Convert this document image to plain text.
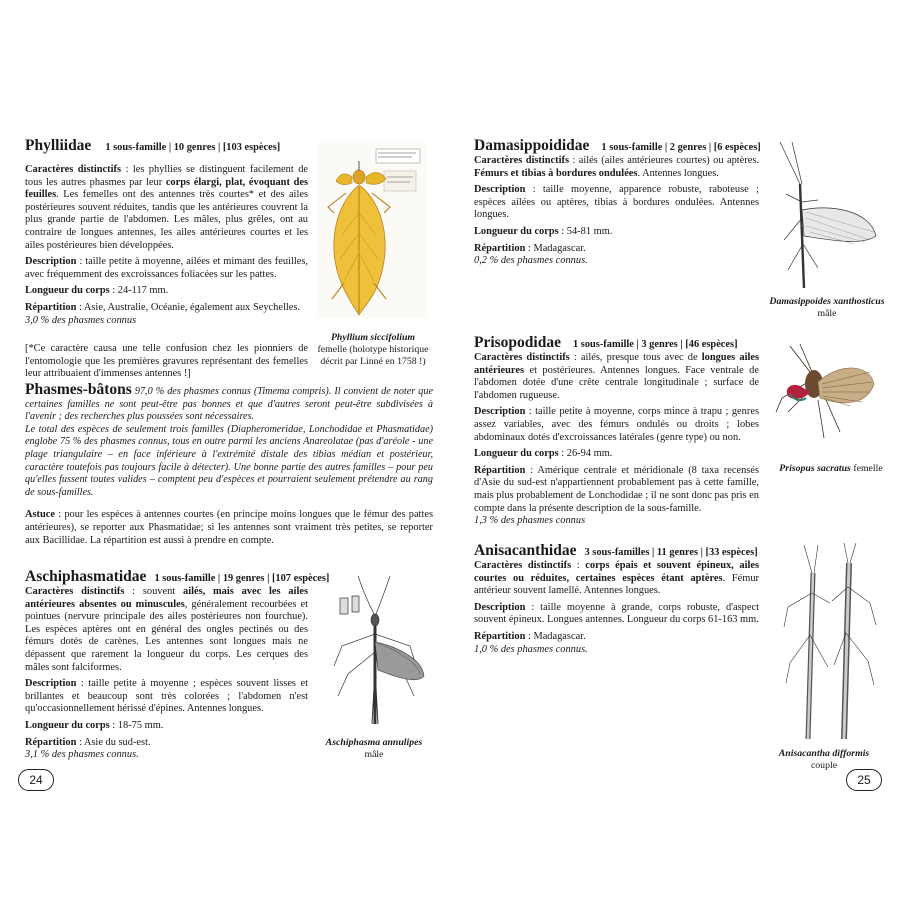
Phylliidae 1 sous-famille | 10 genres | [103 espèces]

Caractères distinctifs : les phyllies se distinguent facilement de tous les autres phasmes par leur corps élargi, plat, évoquant des feuilles. Les femelles ont des antennes très courtes* et des ailes postérieures souvent réduites, tandis que les antérieures couvrent la plus grande partie de l'abdomen. Les mâles, plus grêles, ont au contraire de longues antennes, les ailes antérieures courtes et les ailes postérieures bien développées.

Description : taille petite à moyenne, ailées et mimant des feuilles, avec fréquemment des excroissances foliacées sur les pattes.

Longueur du corps : 24-117 mm.

Répartition : Asie, Australie, Océanie, également aux Seychelles.
3,0 % des phasmes connus

Phyllium siccifolium
femelle (holotype historique décrit par Linné en 1758 !)

[*Ce caractère causa une telle confusion chez les pionniers de l'entomologie que les premières gravures représentant des femelles leur attribuaient d'immenses antennes !]

Phasmes-bâtons 97,0 % des phasmes connus (Timema compris). Il convient de noter que certaines familles ne sont peut-être pas bonnes et que d'autres seront peut-être subdivisées à l'avenir ; des recherches plus poussées sont nécessaires.

Le total des espèces de seulement trois familles (Diapheromeridae, Lonchodidae et Phasmatidae) englobe 75 % des phasmes connus, tous en outre parmi les anciens Anareolatae (pas d'aréole - une plage triangulaire – en face inférieure à l'extrémité distale des tibias médian et postérieur, caractère toutefois pas toujours facile à détecter). Une bonne partie des autres familles – pour peu qu'elles fussent toutes valides – comptent peu d'espèces et pourraient seulement prétendre au rang de sous-familles.

Astuce : pour les espèces à antennes courtes (en principe moins longues que le fémur des pattes antérieures), se reporter aux Phasmatidae; si les antennes sont vraiment très petites, se reporter aux Bacillidae. La répartition est aussi à prendre en compte.

Aschiphasmatidae 1 sous-famille | 19 genres | [107 espèces]

Caractères distinctifs : souvent ailés, mais avec les ailes antérieures absentes ou minuscules, généralement recourbées et pointues (nervure principale des ailes postérieures non fourchue). Les espèces aptères ont en général des ongles pectinés ou des fémurs dotés de carènes. Les antennes sont longues mais ne dépassent que rarement la longueur du corps. Les cerques des mâles sont falciformes.

Description : taille petite à moyenne ; espèces souvent lisses et brillantes et beaucoup sont très colorées ; l'abdomen n'est qu'occasionnellement hérissé d'épines. Antennes longues.

Longueur du corps : 18-75 mm.

Répartition : Asie du sud-est.
3,1 % des phasmes connus.

Aschiphasma annulipes
mâle
24
Damasippoididae 1 sous-famille | 2 genres | [6 espèces]

Caractères distinctifs : ailés (ailes antérieures courtes) ou aptères. Fémurs et tibias à bordures ondulées. Antennes longues.

Description : taille moyenne, apparence robuste, raboteuse ; espèces ailées ou aptères, tibias à bordures ondulées. Antennes longues.

Longueur du corps : 54-81 mm.

Répartition : Madagascar.
0,2 % des phasmes connus.

Damasippoides xanthosticus mâle
Prisopodidae 1 sous-famille | 3 genres | [46 espèces]

Caractères distinctifs : ailés, presque tous avec de longues ailes antérieures et postérieures. Antennes longues. Face ventrale de l'abdomen dotée d'une crête centrale longitudinale ; surface de l'abdomen rugueuse.

Description : taille petite à moyenne, corps mince à trapu ; genres assez variables, avec des fémurs ondulés ou droits ; lobes abdominaux dotés d'excroissances latérales (genre type) ou non.

Longueur du corps : 26-94 mm.

Répartition : Amérique centrale et méridionale (8 taxa recensés d'Asie du sud-est n'appartiennent probablement pas à cette famille, mais plus probablement de Lonchodidae ; il ne sont donc pas pris en compte dans la présente description de la sous-famille.
1,3 % des phasmes connus

Prisopus sacratus femelle
Anisacanthidae 3 sous-familles | 11 genres | [33 espèces]

Caractères distinctifs : corps épais et souvent épineux, ailes courtes ou réduites, certaines espèces étant aptères. Fémur antérieur souvent lamellé. Antennes longues.

Description : taille moyenne à grande, corps robuste, d'aspect souvent épineux. Longues antennes. Longueur du corps 61-163 mm.

Répartition : Madagascar.
1,0 % des phasmes connus.

Anisacantha difformis
couple
25
